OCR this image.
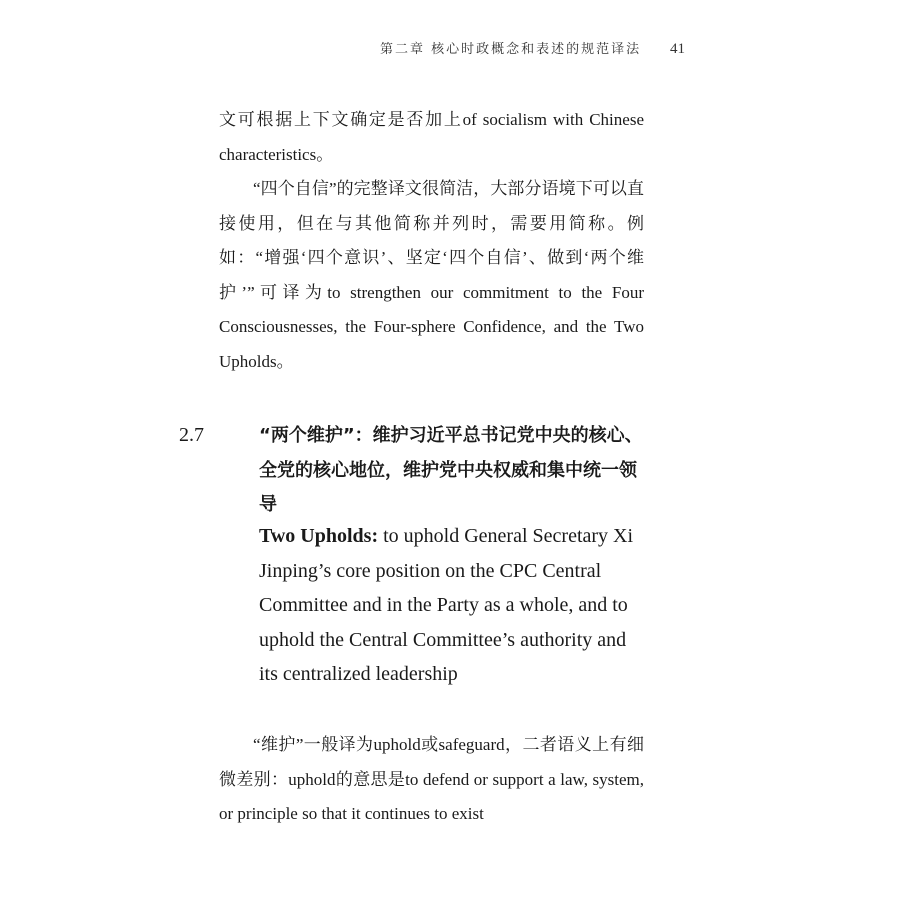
第二章 核心时政概念和表述的规范译法 41

文可根据上下文确定是否加上of socialism with Chinese characteristics。

“四个自信”的完整译文很简洁，大部分语境下可以直接使用，但在与其他简称并列时，需要用简称。例如：“增强‘四个意识’、坚定‘四个自信’、做到‘两个维护’”可译为to strengthen our commitment to the Four Consciousnesses, the Four-sphere Confidence, and the Two Upholds。

2.7	“两个维护”：维护习近平总书记党中央的核心、全党的核心地位，维护党中央权威和集中统一领导

Two Upholds: to uphold General Secretary Xi Jinping’s core position on the CPC Central Committee and in the Party as a whole, and to uphold the Central Committee’s authority and its centralized leadership

“维护”一般译为uphold或safeguard，二者语义上有细微差别：uphold的意思是to defend or support a law, system, or principle so that it continues to exist
